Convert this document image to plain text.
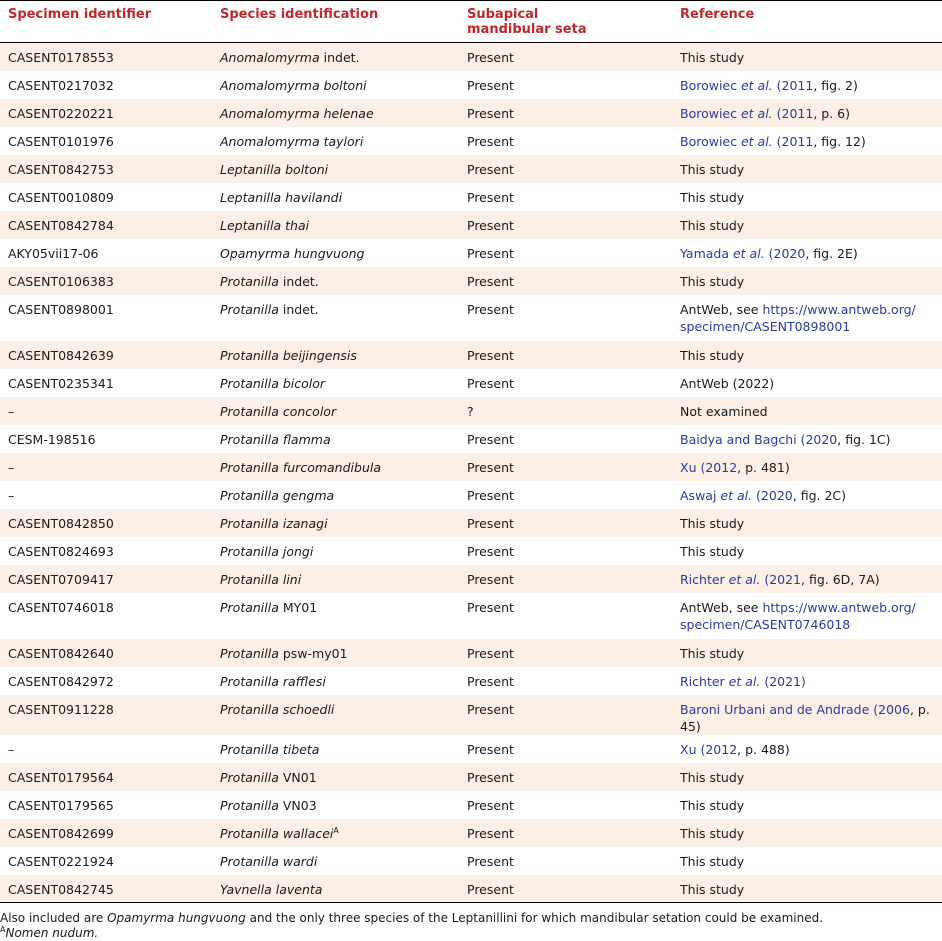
Specimen identifier	Species identification	Subapical mandibular seta	Reference
CASENT0178553	Anomalomyrma indet.	Present	This study
CASENT0217032	Anomalomyrma boltoni	Present	Borowiec et al. (2011, fig. 2)
CASENT0220221	Anomalomyrma helenae	Present	Borowiec et al. (2011, p. 6)
CASENT0101976	Anomalomyrma taylori	Present	Borowiec et al. (2011, fig. 12)
CASENT0842753	Leptanilla boltoni	Present	This study
CASENT0010809	Leptanilla havilandi	Present	This study
CASENT0842784	Leptanilla thai	Present	This study
AKY05vii17-06	Opamyrma hungvuong	Present	Yamada et al. (2020, fig. 2E)
CASENT0106383	Protanilla indet.	Present	This study
CASENT0898001	Protanilla indet.	Present	AntWeb, see https://www.antweb.org/ specimen/CASENT0898001
CASENT0842639	Protanilla beijingensis	Present	This study
CASENT0235341	Protanilla bicolor	Present	AntWeb (2022)
–	Protanilla concolor	?	Not examined
CESM-198516	Protanilla flamma	Present	Baidya and Bagchi (2020, fig. 1C)
–	Protanilla furcomandibula	Present	Xu (2012, p. 481)
–	Protanilla gengma	Present	Aswaj et al. (2020, fig. 2C)
CASENT0842850	Protanilla izanagi	Present	This study
CASENT0824693	Protanilla jongi	Present	This study
CASENT0709417	Protanilla lini	Present	Richter et al. (2021, fig. 6D, 7A)
CASENT0746018	Protanilla MY01	Present	AntWeb, see https://www.antweb.org/ specimen/CASENT0746018
CASENT0842640	Protanilla psw-my01	Present	This study
CASENT0842972	Protanilla rafflesi	Present	Richter et al. (2021)
CASENT0911228	Protanilla schoedli	Present	Baroni Urbani and de Andrade (2006, p. 45)
–	Protanilla tibeta	Present	Xu (2012, p. 488)
CASENT0179564	Protanilla VN01	Present	This study
CASENT0179565	Protanilla VN03	Present	This study
CASENT0842699	Protanilla wallacei$^A$	Present	This study
CASENT0221924	Protanilla wardi	Present	This study
CASENT0842745	Yavnella laventa	Present	This study
Also included are Opamyrma hungvuong and the only three species of the Leptanillini for which mandibular setation could be examined.
$^A$Nomen nudum.
